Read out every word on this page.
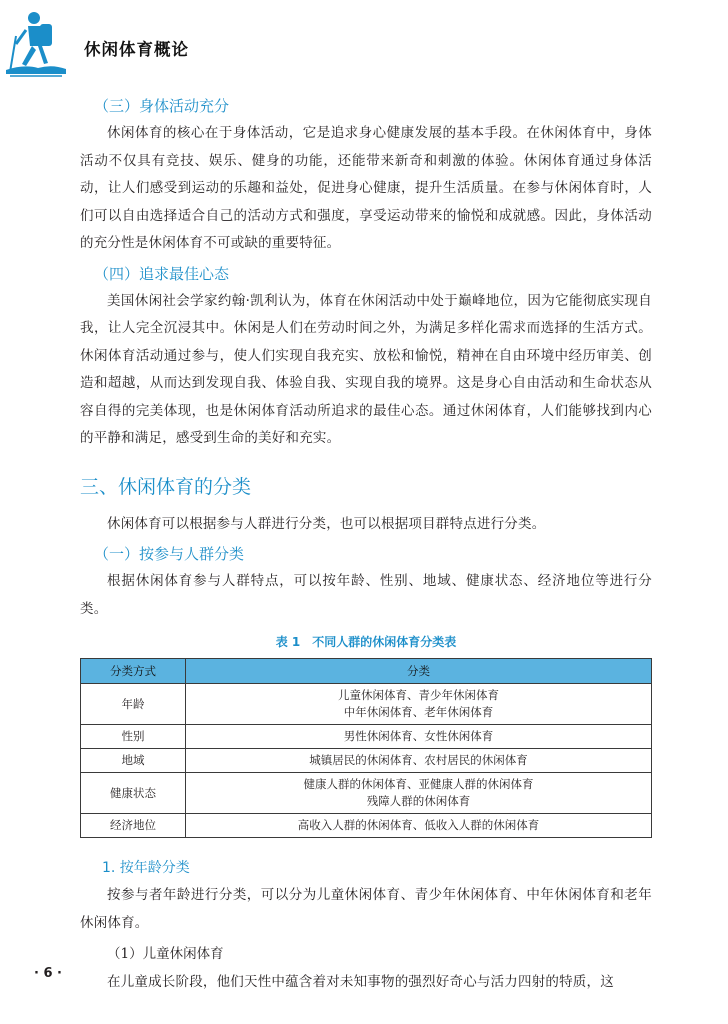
休闲体育概论
（三）身体活动充分

休闲体育的核心在于身体活动，它是追求身心健康发展的基本手段。在休闲体育中，身体活动不仅具有竞技、娱乐、健身的功能，还能带来新奇和刺激的体验。休闲体育通过身体活动，让人们感受到运动的乐趣和益处，促进身心健康，提升生活质量。在参与休闲体育时，人们可以自由选择适合自己的活动方式和强度，享受运动带来的愉悦和成就感。因此，身体活动的充分性是休闲体育不可或缺的重要特征。

（四）追求最佳心态

美国休闲社会学家约翰·凯利认为，体育在休闲活动中处于巅峰地位，因为它能彻底实现自我，让人完全沉浸其中。休闲是人们在劳动时间之外，为满足多样化需求而选择的生活方式。休闲体育活动通过参与，使人们实现自我充实、放松和愉悦，精神在自由环境中经历审美、创造和超越，从而达到发现自我、体验自我、实现自我的境界。这是身心自由活动和生命状态从容自得的完美体现，也是休闲体育活动所追求的最佳心态。通过休闲体育，人们能够找到内心的平静和满足，感受到生命的美好和充实。

三、休闲体育的分类

休闲体育可以根据参与人群进行分类，也可以根据项目群特点进行分类。

（一）按参与人群分类

根据休闲体育参与人群特点，可以按年龄、性别、地域、健康状态、经济地位等进行分类。

表 1　不同人群的休闲体育分类表
分类方式	分类
年龄	儿童休闲体育、青少年休闲体育
中年休闲体育、老年休闲体育

性别	男性休闲体育、女性休闲体育

地域	城镇居民的休闲体育、农村居民的休闲体育

健康状态	健康人群的休闲体育、亚健康人群的休闲体育
残障人群的休闲体育

经济地位	高收入人群的休闲体育、低收入人群的休闲体育
1. 按年龄分类

按参与者年龄进行分类，可以分为儿童休闲体育、青少年休闲体育、中年休闲体育和老年休闲体育。

（1）儿童休闲体育

在儿童成长阶段，他们天性中蕴含着对未知事物的强烈好奇心与活力四射的特质，这

· 6 ·
